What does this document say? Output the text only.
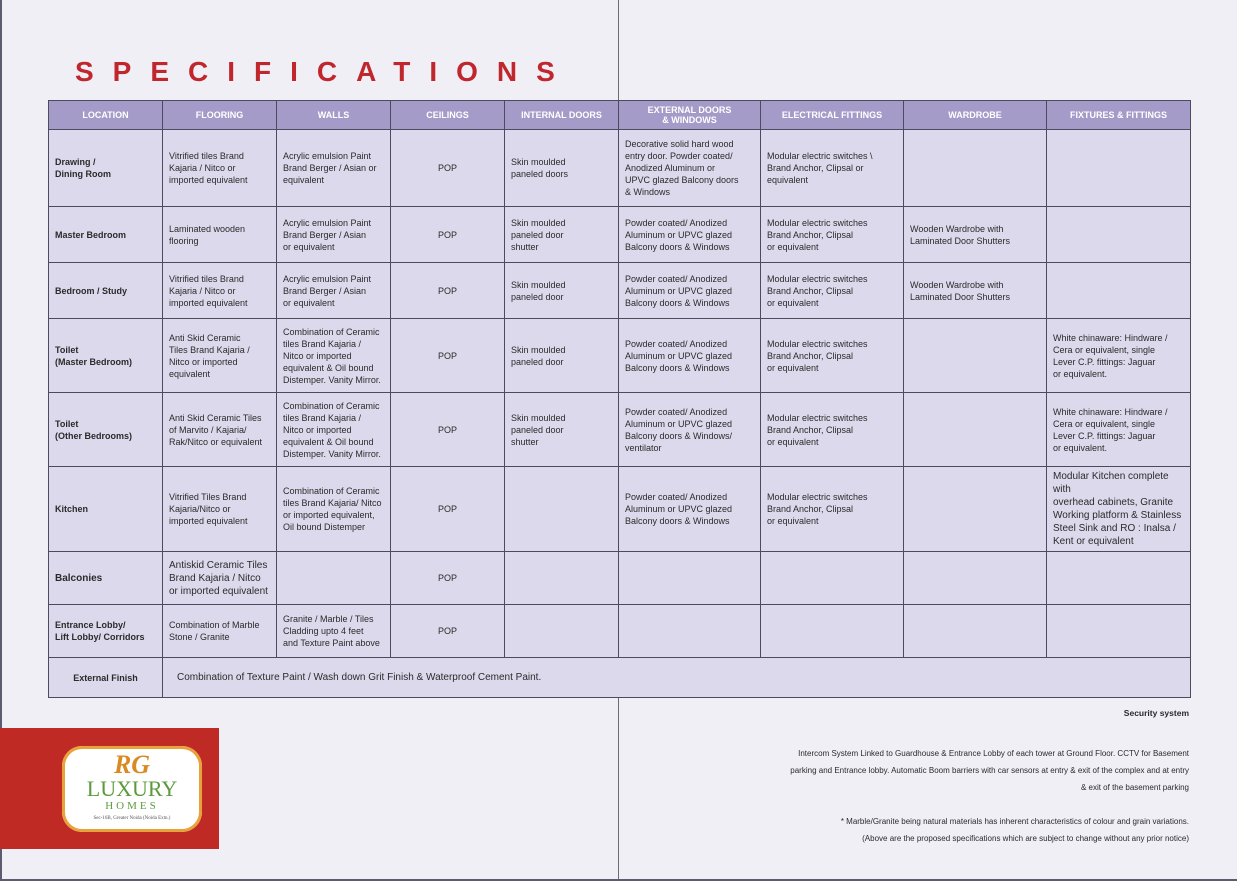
SPECIFICATIONS
LOCATION	FLOORING	WALLS	CEILINGS	INTERNAL DOORS	EXTERNAL DOORS
& WINDOWS	ELECTRICAL FITTINGS	WARDROBE	FIXTURES & FITTINGS
Drawing /
Dining Room	Vitrified tiles Brand
Kajaria / Nitco or
imported equivalent	Acrylic emulsion Paint
Brand Berger / Asian or
equivalent	POP	Skin moulded
paneled doors	Decorative solid hard wood
entry door. Powder coated/
Anodized Aluminum or
UPVC glazed Balcony doors
& Windows	Modular electric switches \
Brand Anchor, Clipsal or
equivalent		
Master Bedroom	Laminated wooden
flooring	Acrylic emulsion Paint
Brand Berger / Asian
or equivalent	POP	Skin moulded
paneled door
shutter	Powder coated/ Anodized
Aluminum or UPVC glazed
Balcony doors & Windows	Modular electric switches
Brand Anchor, Clipsal
or equivalent	Wooden Wardrobe with
Laminated Door Shutters	
Bedroom / Study	Vitrified tiles Brand
Kajaria / Nitco or
imported equivalent	Acrylic emulsion Paint
Brand Berger / Asian
or equivalent	POP	Skin moulded
paneled door	Powder coated/ Anodized
Aluminum or UPVC glazed
Balcony doors & Windows	Modular electric switches
Brand Anchor, Clipsal
or equivalent	Wooden Wardrobe with
Laminated Door Shutters	
Toilet
(Master Bedroom)	Anti Skid Ceramic
Tiles Brand Kajaria /
Nitco or imported
equivalent	Combination of Ceramic
tiles Brand Kajaria /
Nitco or imported
equivalent & Oil bound
Distemper. Vanity Mirror.	POP	Skin moulded
paneled door	Powder coated/ Anodized
Aluminum or UPVC glazed
Balcony doors & Windows	Modular electric switches
Brand Anchor, Clipsal
or equivalent		White chinaware: Hindware /
Cera or equivalent, single
Lever C.P. fittings: Jaguar
or equivalent.
Toilet
(Other Bedrooms)	Anti Skid Ceramic Tiles
of Marvito / Kajaria/
Rak/Nitco or equivalent	Combination of Ceramic
tiles Brand Kajaria /
Nitco or imported
equivalent & Oil bound
Distemper. Vanity Mirror.	POP	Skin moulded
paneled door
shutter	Powder coated/ Anodized
Aluminum or UPVC glazed
Balcony doors & Windows/
ventilator	Modular electric switches
Brand Anchor, Clipsal
or equivalent		White chinaware: Hindware /
Cera or equivalent, single
Lever C.P. fittings: Jaguar
or equivalent.
Kitchen	Vitrified Tiles Brand
Kajaria/Nitco or
imported equivalent	Combination of Ceramic
tiles Brand Kajaria/ Nitco
or imported equivalent,
Oil bound Distemper	POP		Powder coated/ Anodized
Aluminum or UPVC glazed
Balcony doors & Windows	Modular electric switches
Brand Anchor, Clipsal
or equivalent		Modular Kitchen complete with
overhead cabinets, Granite
Working platform & Stainless
Steel Sink and RO : Inalsa /
Kent or equivalent
Balconies	Antiskid Ceramic Tiles
Brand Kajaria / Nitco
or imported equivalent		POP					
Entrance Lobby/
Lift Lobby/ Corridors	Combination of Marble
Stone / Granite	Granite / Marble / Tiles
Cladding upto 4 feet
and Texture Paint above	POP					
External Finish	Combination of Texture Paint / Wash down Grit Finish & Waterproof Cement Paint.							
RG
LUXURY
HOMES
Sec-16B, Greater Noida (Noida Extn.)

Security system

Intercom System Linked to Guardhouse & Entrance Lobby of each tower at Ground Floor. CCTV for Basement
parking and Entrance lobby. Automatic Boom barriers with car sensors at entry & exit of the complex and at entry
& exit of the basement parking

* Marble/Granite being natural materials has inherent characteristics of colour and grain variations.

(Above are the proposed specifications which are subject to change without any prior notice)
